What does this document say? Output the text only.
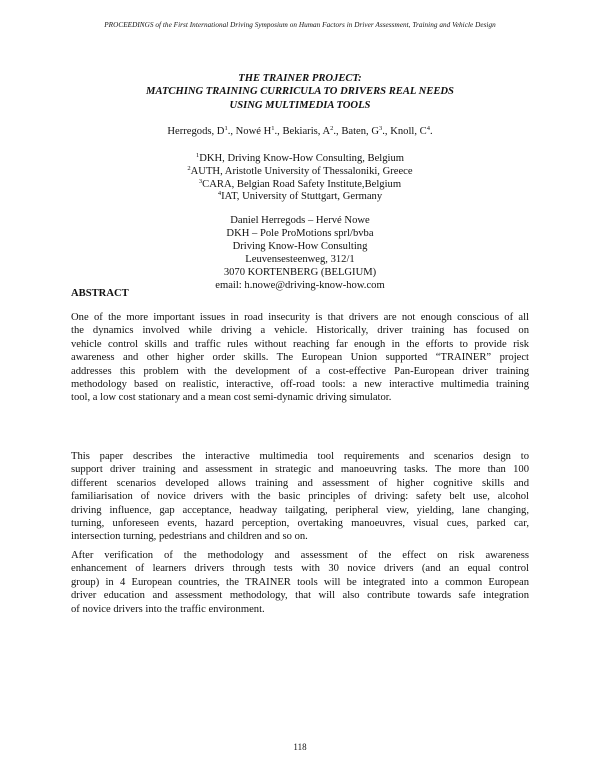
PROCEEDINGS of the First International Driving Symposium on Human Factors in Driver Assessment, Training and Vehicle Design
THE TRAINER PROJECT:
MATCHING TRAINING CURRICULA TO DRIVERS REAL NEEDS
USING MULTIMEDIA TOOLS
Herregods, $D^1$., Nowé $H^1$., Bekiaris, $A^2$., Baten, $G^3$., Knoll, $C^4$.
$^1$DKH, Driving Know-How Consulting, Belgium
$^2$AUTH, Aristotle University of Thessaloniki, Greece
$^3$CARA, Belgian Road Safety Institute,Belgium
$^4$IAT, University of Stuttgart, Germany
Daniel Herregods – Hervé Nowe
DKH – Pole ProMotions sprl/bvba
Driving Know-How Consulting
Leuvensesteenweg, 312/1
3070 KORTENBERG (BELGIUM)
email: h.nowe@driving-know-how.com
ABSTRACT
One of the more important issues in road insecurity is that drivers are not enough conscious of all
the dynamics involved while driving a vehicle. Historically, driver training has focused on
vehicle control skills and traffic rules without reaching far enough in the efforts to provide risk
awareness and other higher order skills. The European Union supported “TRAINER” project
addresses this problem with the development of a cost-effective Pan-European driver training
methodology based on realistic, interactive, off-road tools: a new interactive multimedia training
tool, a low cost stationary and a mean cost semi-dynamic driving simulator.
This paper describes the interactive multimedia tool requirements and scenarios design to
support driver training and assessment in strategic and manoeuvring tasks. The more than 100
different scenarios developed allows training and assessment of higher cognitive skills and
familiarisation of novice drivers with the basic principles of driving: safety belt use, alcohol
driving influence, gap acceptance, headway tailgating, peripheral view, yielding, lane changing,
turning, unforeseen events, hazard perception, overtaking manoeuvres, visual cues, parked car,
intersection turning, pedestrians and children and so on.
After verification of the methodology and assessment of the effect on risk awareness
enhancement of learners drivers through tests with 30 novice drivers (and an equal control
group) in 4 European countries, the TRAINER tools will be integrated into a common European
driver education and assessment methodology, that will also contribute towards safe integration
of novice drivers into the traffic environment.
118
